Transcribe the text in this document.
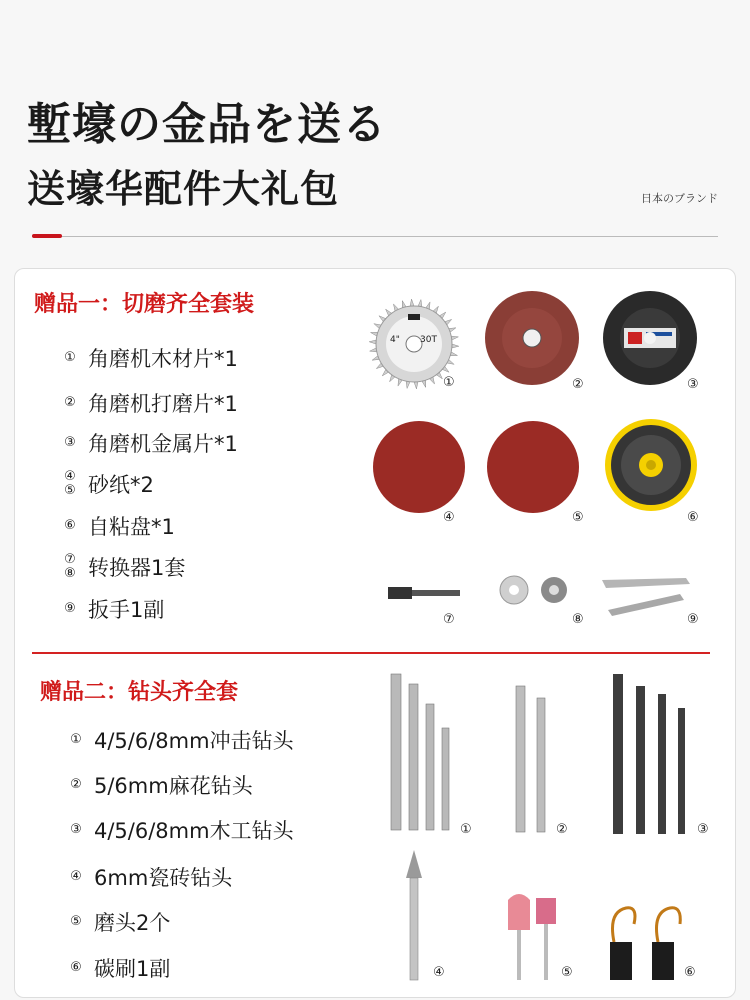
塹壕の金品を送る
送壕华配件大礼包	日本のブランド
赠品一：切磨齐全套装
① 角磨机木材片*1
② 角磨机打磨片*1
③ 角磨机金属片*1
④
⑤ 砂纸*2
⑥ 自粘盘*1
⑦
⑧ 转换器1套
⑨ 扳手1副
4" 30T
①	②	③
④	⑤	⑥
⑦	⑧	⑨
赠品二：钻头齐全套
① 4/5/6/8mm冲击钻头
② 5/6mm麻花钻头
③ 4/5/6/8mm木工钻头
④ 6mm瓷砖钻头
⑤ 磨头2个
⑥ 碳刷1副
①	②	③
④	⑤	⑥
